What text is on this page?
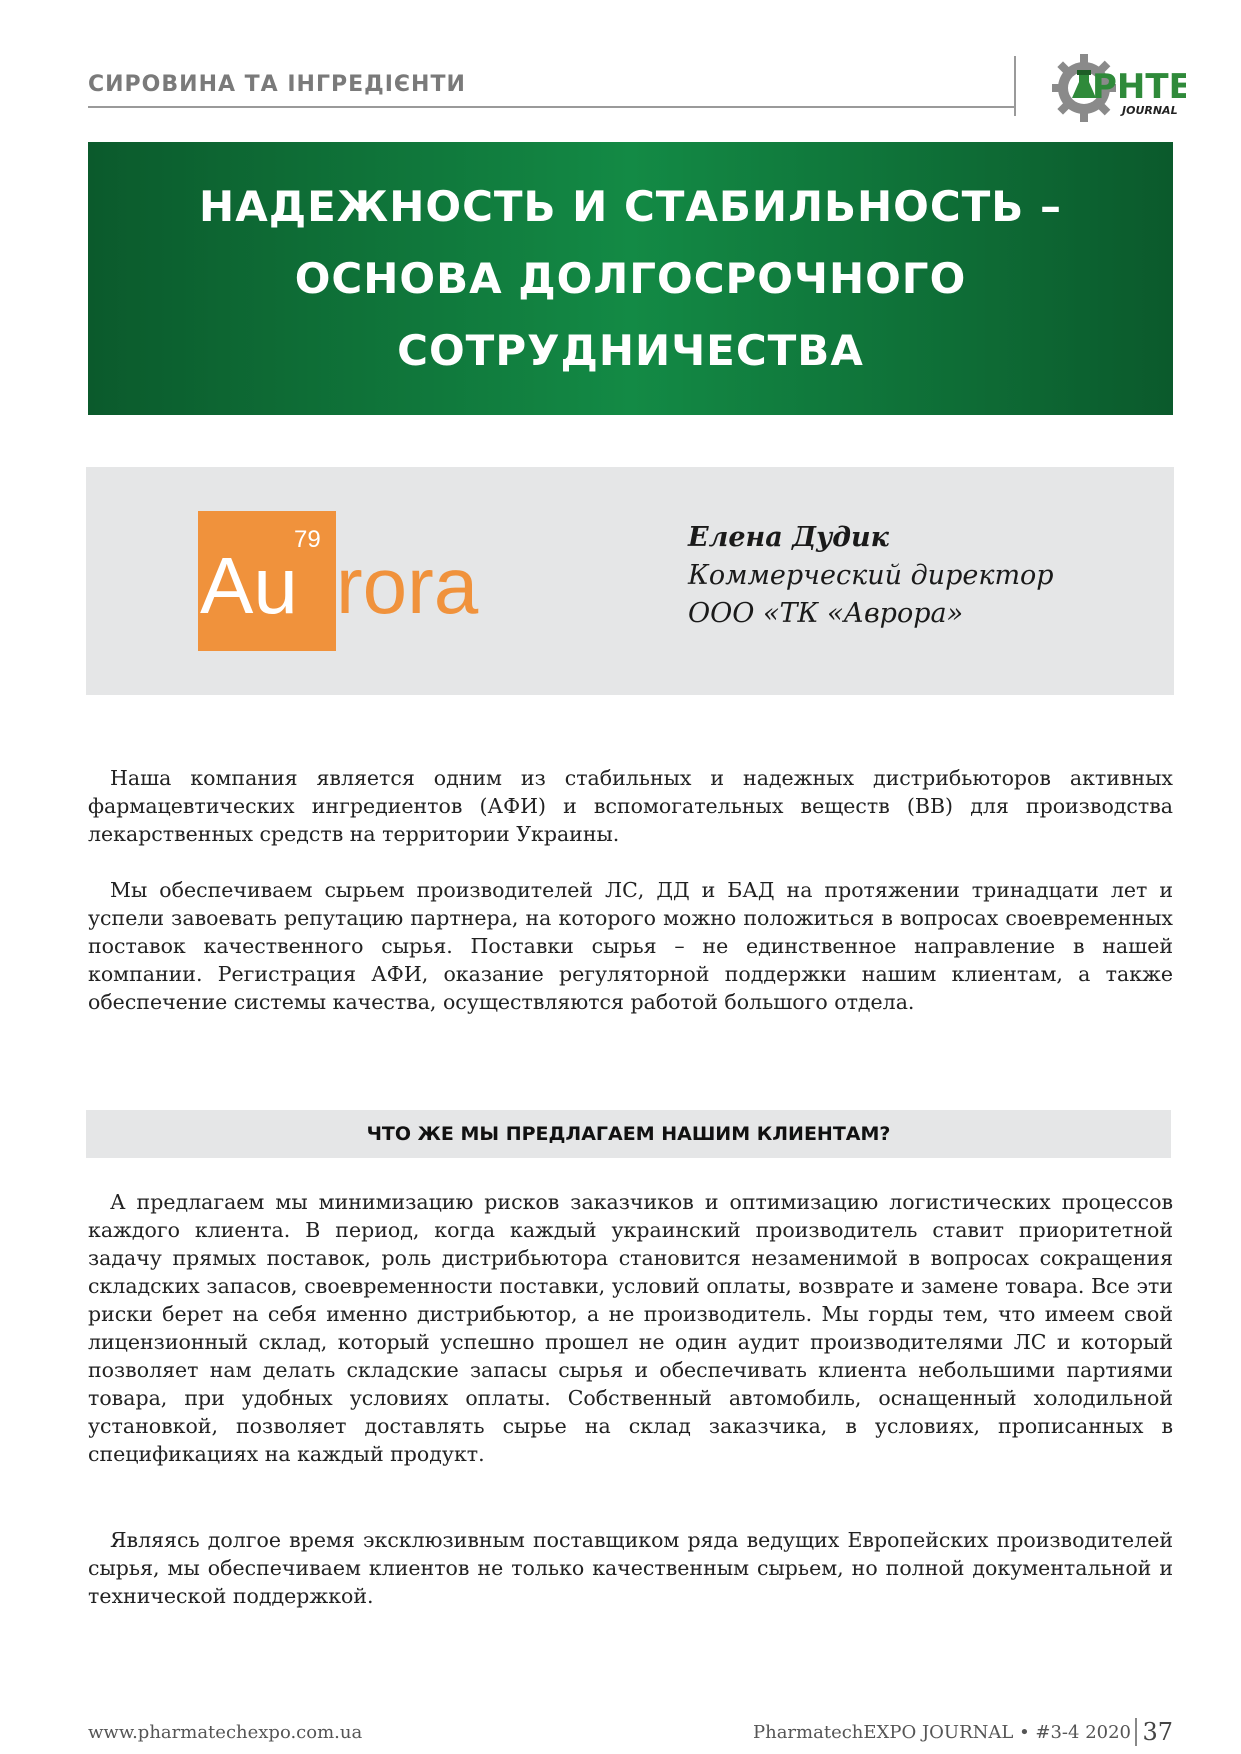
СИРОВИНА ТА ІНГРЕДІЄНТИ	PHTE
JOURNAL
НАДЕЖНОСТЬ И СТАБИЛЬНОСТЬ –
ОСНОВА ДОЛГОСРОЧНОГО
СОТРУДНИЧЕСТВА
79
Au rora
Елена Дудик
Коммерческий директор
ООО «ТК «Аврора»

Наша компания является одним из стабильных и надежных дистрибьюторов активных фармацевтических ингредиентов (АФИ) и вспомогательных веществ (ВВ) для производства лекарственных средств на территории Украины.

Мы обеспечиваем сырьем производителей ЛС, ДД и БАД на протяжении тринадцати лет и успели завоевать репутацию партнера, на которого можно положиться в вопросах своевременных поставок качественного сырья. Поставки сырья – не единственное направление в нашей компании. Регистрация АФИ, оказание регуляторной поддержки нашим клиентам, а также обеспечение системы качества, осуществляются работой большого отдела.

ЧТО ЖЕ МЫ ПРЕДЛАГАЕМ НАШИМ КЛИЕНТАМ?

А предлагаем мы минимизацию рисков заказчиков и оптимизацию логистических процессов каждого клиента. В период, когда каждый украинский производитель ставит приоритетной задачу прямых поставок, роль дистрибьютора становится незаменимой в вопросах сокращения складских запасов, своевременности поставки, условий оплаты, возврате и замене товара. Все эти риски берет на себя именно дистрибьютор, а не производитель. Мы горды тем, что имеем свой лицензионный склад, который успешно прошел не один аудит производителями ЛС и который позволяет нам делать складские запасы сырья и обеспечивать клиента небольшими партиями товара, при удобных условиях оплаты. Собственный автомобиль, оснащенный холодильной установкой, позволяет доставлять сырье на склад заказчика, в условиях, прописанных в спецификациях на каждый продукт.

Являясь долгое время эксклюзивным поставщиком ряда ведущих Европейских производителей сырья, мы обеспечиваем клиентов не только качественным сырьем, но полной документальной и технической поддержкой.

www.pharmatechexpo.com.ua	PharmatechEXPO JOURNAL • #3-4 2020 37
